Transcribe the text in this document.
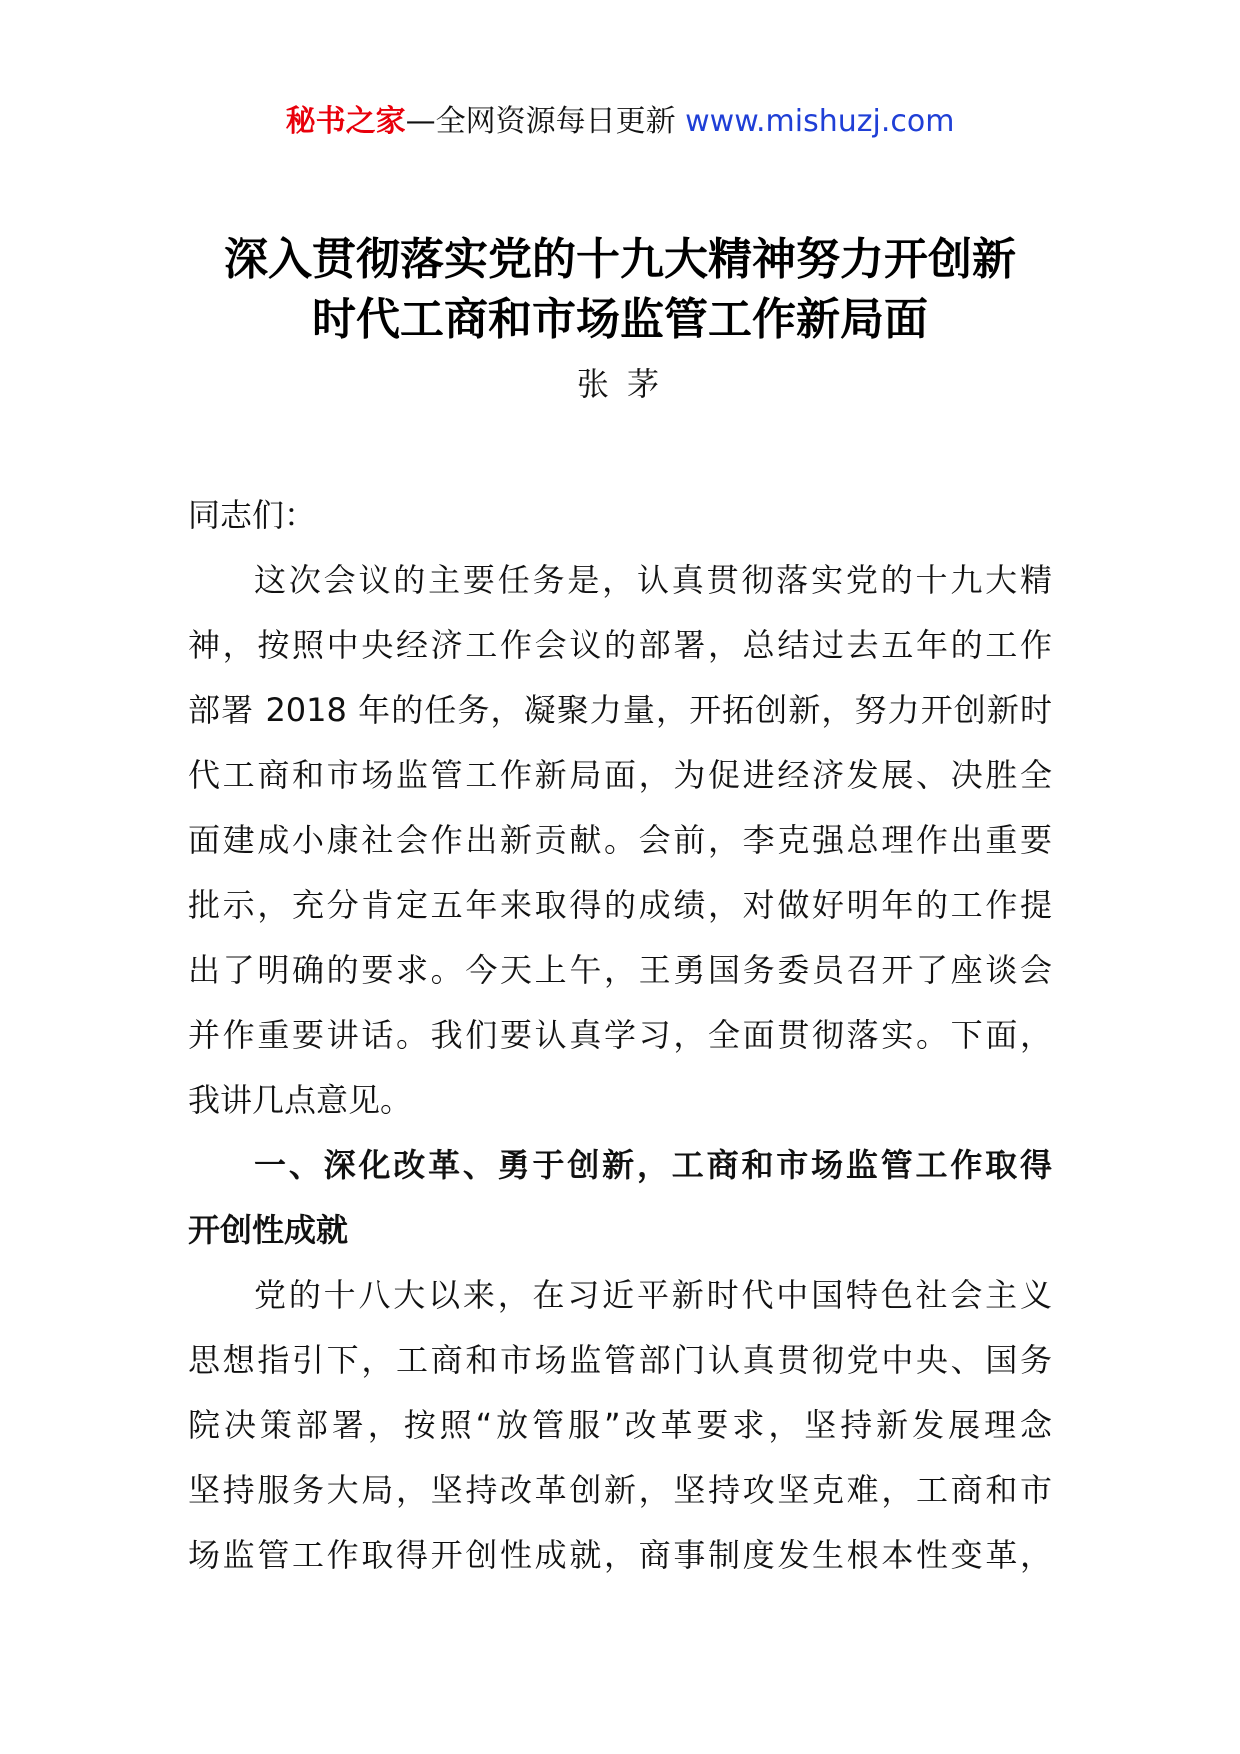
秘书之家—全网资源每日更新 www.mishuzj.com
深入贯彻落实党的十九大精神努力开创新
时代工商和市场监管工作新局面
张 茅
同志们：
这次会议的主要任务是，认真贯彻落实党的十九大精
神，按照中央经济工作会议的部署，总结过去五年的工作
部署 2018 年的任务，凝聚力量，开拓创新，努力开创新时
代工商和市场监管工作新局面，为促进经济发展、决胜全
面建成小康社会作出新贡献。会前，李克强总理作出重要
批示，充分肯定五年来取得的成绩，对做好明年的工作提
出了明确的要求。今天上午，王勇国务委员召开了座谈会
并作重要讲话。我们要认真学习，全面贯彻落实。下面，
我讲几点意见。
一、深化改革、勇于创新，工商和市场监管工作取得
开创性成就
党的十八大以来，在习近平新时代中国特色社会主义
思想指引下，工商和市场监管部门认真贯彻党中央、国务
院决策部署，按照“放管服”改革要求，坚持新发展理念
坚持服务大局，坚持改革创新，坚持攻坚克难，工商和市
场监管工作取得开创性成就，商事制度发生根本性变革，
